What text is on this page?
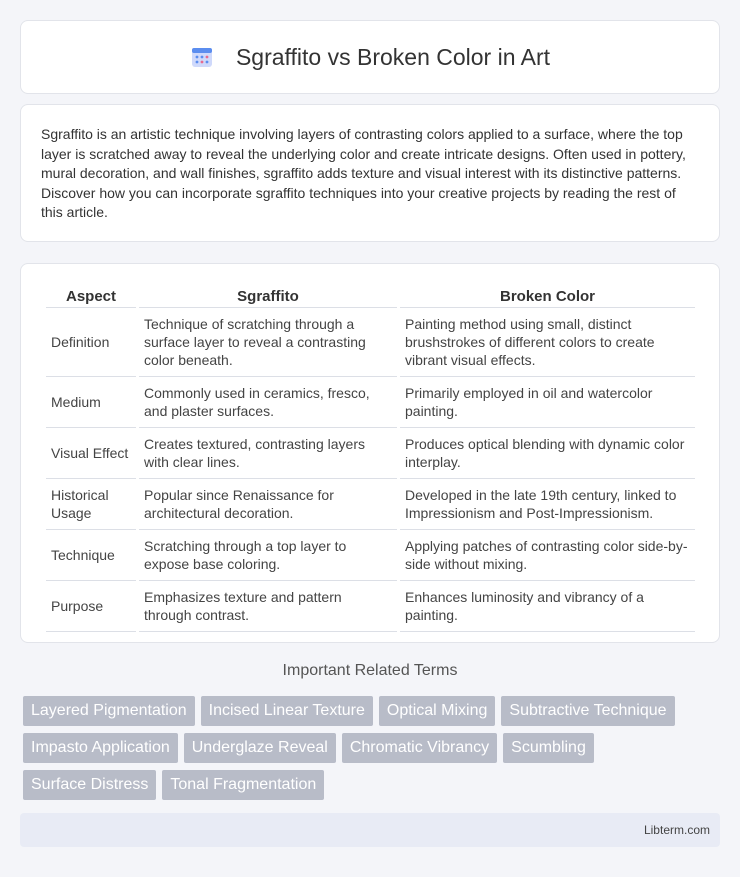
Sgraffito vs Broken Color in Art

Sgraffito is an artistic technique involving layers of contrasting colors applied to a surface, where the top layer is scratched away to reveal the underlying color and create intricate designs. Often used in pottery, mural decoration, and wall finishes, sgraffito adds texture and visual interest with its distinctive patterns. Discover how you can incorporate sgraffito techniques into your creative projects by reading the rest of this article.

Aspect	Sgraffito	Broken Color
Definition	Technique of scratching through a surface layer to reveal a contrasting color beneath.	Painting method using small, distinct brushstrokes of different colors to create vibrant visual effects.
Medium	Commonly used in ceramics, fresco, and plaster surfaces.	Primarily employed in oil and watercolor painting.
Visual Effect	Creates textured, contrasting layers with clear lines.	Produces optical blending with dynamic color interplay.
Historical Usage	Popular since Renaissance for architectural decoration.	Developed in the late 19th century, linked to Impressionism and Post-Impressionism.
Technique	Scratching through a top layer to expose base coloring.	Applying patches of contrasting color side-by-side without mixing.
Purpose	Emphasizes texture and pattern through contrast.	Enhances luminosity and vibrancy of a painting.
Important Related Terms
Layered Pigmentation	Incised Linear Texture	Optical Mixing	Subtractive Technique
Impasto Application	Underglaze Reveal	Chromatic Vibrancy	Scumbling
Surface Distress	Tonal Fragmentation
Libterm.com
